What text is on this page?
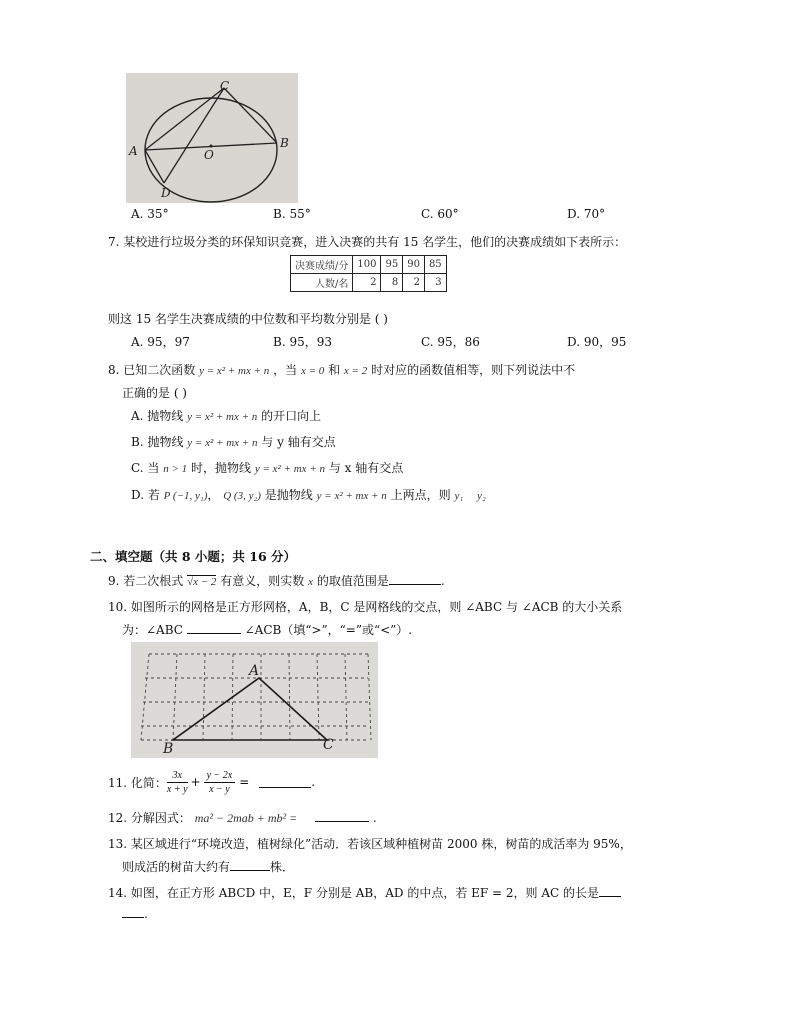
C
A
B
O
D
A. 35°	B. 55°	C. 60°	D. 70°
7. 某校进行垃圾分类的环保知识竞赛，进入决赛的共有 15 名学生，他们的决赛成绩如下表所示：
决赛成绩/分	100	95	90	85
人数/名	2	8	2	3
则这 15 名学生决赛成绩的中位数和平均数分别是 ( )
A. 95，97	B. 95，93	C. 95，86	D. 90，95
8. 已知二次函数 y = x² + mx + n ，当 x = 0 和 x = 2 时对应的函数值相等，则下列说法中不
正确的是 ( )
A. 抛物线 y = x² + mx + n 的开口向上
B. 抛物线 y = x² + mx + n 与 y 轴有交点
C. 当 n > 1 时，抛物线 y = x² + mx + n 与 x 轴有交点
D. 若 P (−1, y₁)， Q (3, y₂) 是抛物线 y = x² + mx + n 上两点，则 y₁     y₂
二、填空题（共 8 小题；共 16 分）
9. 若二次根式 √x − 2 有意义，则实数 x 的取值范围是	.
10. 如图所示的网格是正方形网格，A，B，C 是网格线的交点，则 ∠ABC 与 ∠ACB 的大小关系
为：∠ABC	∠ACB（填“>”，“=”或“<”）.
A
B	C
11. 化简： $\frac{3x}{x + y} + \frac{y - 2x}{x - y}$ =	.
12. 分解因式： ma² − 2mab + mb² =	.
13. 某区域进行“环境改造，植树绿化”活动．若该区域种植树苗 2000 株，树苗的成活率为 95%，
则成活的树苗大约有	株．
14. 如图，在正方形 ABCD 中，E，F 分别是 AB，AD 的中点，若 EF = 2，则 AC 的长是
.
